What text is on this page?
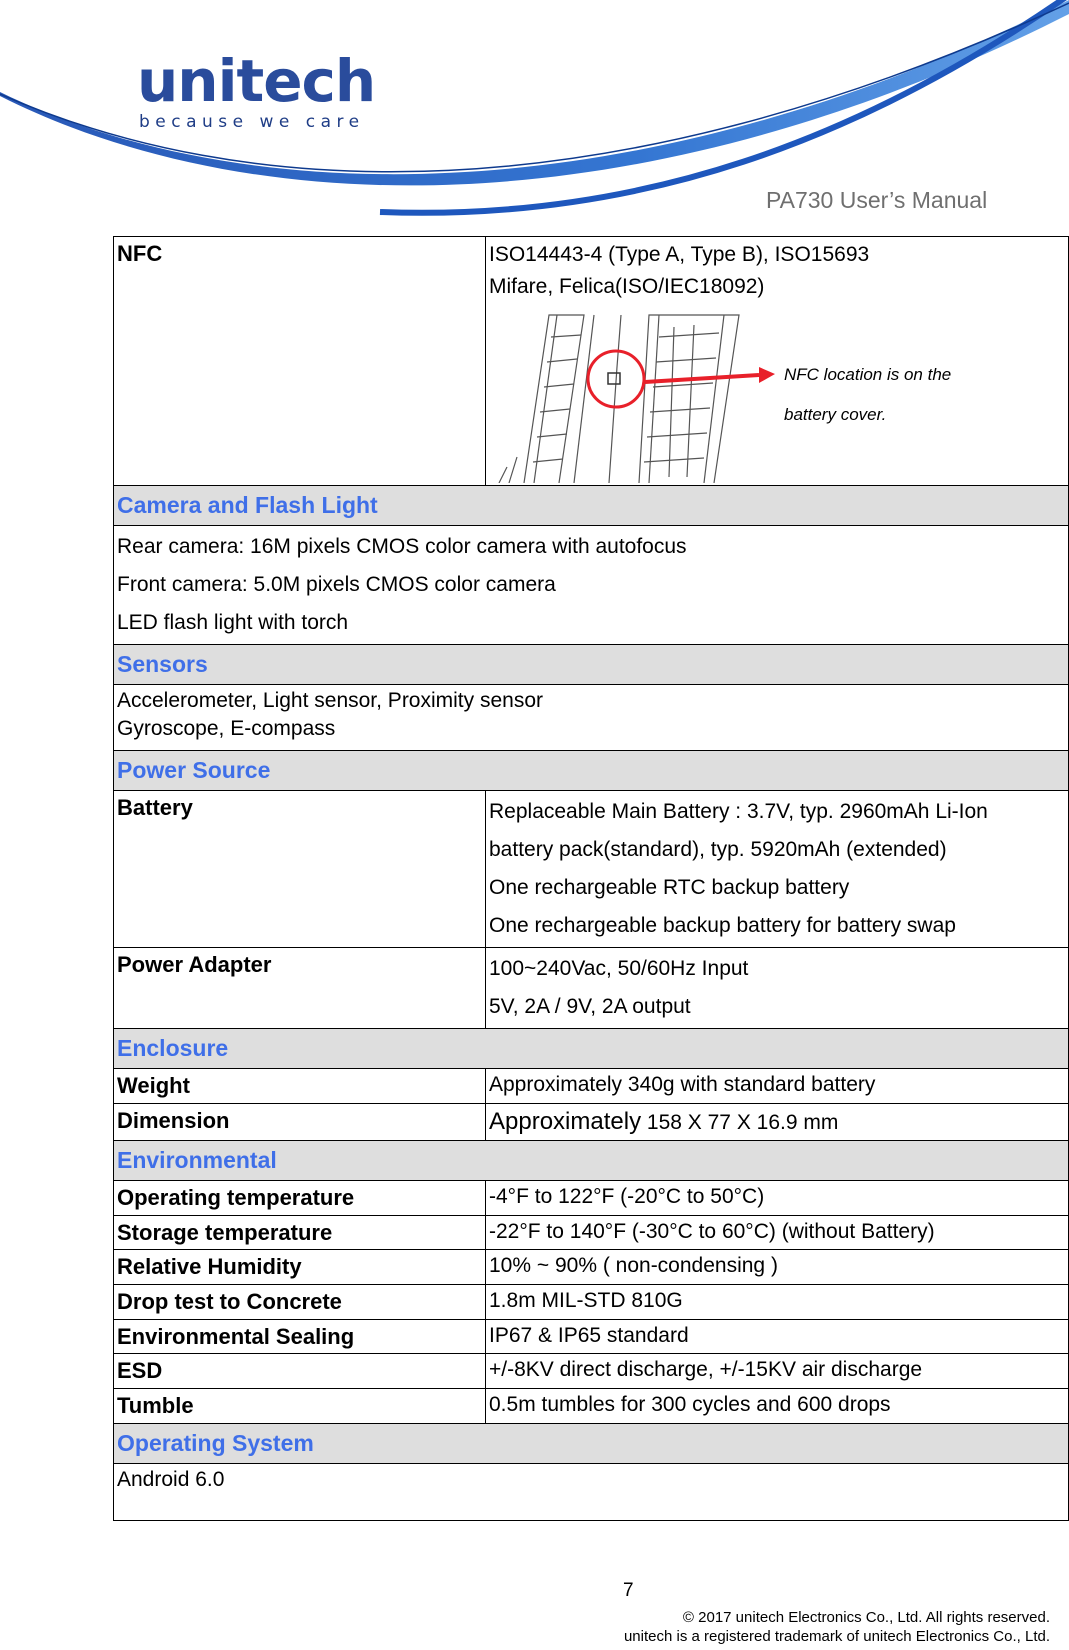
unitech
because we care
PA730 User’s Manual
NFC	ISO14443-4 (Type A, Type B), ISO15693
Mifare, Felica(ISO/IEC18092)
NFC location is on the
battery cover.

Camera and Flash Light	

Rear camera: 16M pixels CMOS color camera with autofocus
Front camera: 5.0M pixels CMOS color camera
LED flash light with torch	

Sensors	

Accelerometer, Light sensor, Proximity sensor
Gyroscope, E-compass	

Power Source	
Battery	Replaceable Main Battery : 3.7V, typ. 2960mAh Li-Ion
battery pack(standard), typ. 5920mAh (extended)
One rechargeable RTC backup battery
One rechargeable backup battery for battery swap

Power Adapter	100~240Vac, 50/60Hz Input
5V, 2A / 9V, 2A output

Enclosure	
Weight	Approximately 340g with standard battery
Dimension	Approximately 158 X 77 X 16.9 mm
Environmental	
Operating temperature	-4°F to 122°F (-20°C to 50°C)
Storage temperature	-22°F to 140°F (-30°C to 60°C) (without Battery)
Relative Humidity	10% ~ 90% ( non-condensing )
Drop test to Concrete	1.8m MIL-STD 810G
Environmental Sealing	IP67 & IP65 standard
ESD	+/-8KV direct discharge, +/-15KV air discharge
Tumble	0.5m tumbles for 300 cycles and 600 drops
Operating System	
Android 6.0	
7
© 2017 unitech Electronics Co., Ltd. All rights reserved.
unitech is a registered trademark of unitech Electronics Co., Ltd.
